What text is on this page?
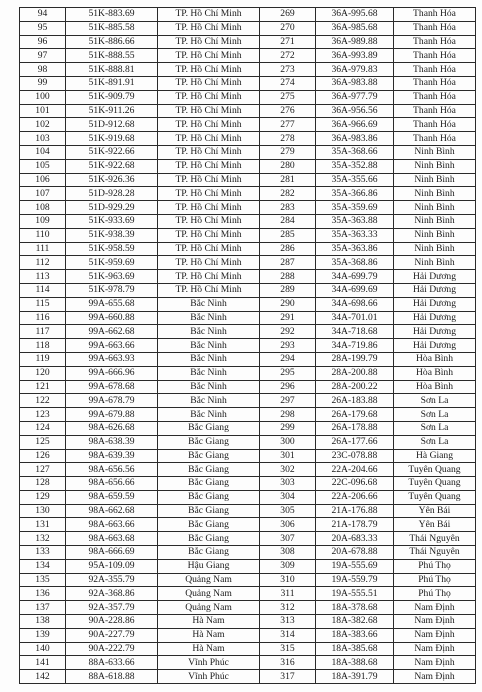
94	51K-883.69	TP. Hồ Chí Minh	269	36A-995.68	Thanh Hóa
95	51K-885.58	TP. Hồ Chí Minh	270	36A-985.68	Thanh Hóa
96	51K-886.66	TP. Hồ Chí Minh	271	36A-989.88	Thanh Hóa
97	51K-888.55	TP. Hồ Chí Minh	272	36A-993.89	Thanh Hóa
98	51K-888.81	TP. Hồ Chí Minh	273	36A-979.83	Thanh Hóa
99	51K-891.91	TP. Hồ Chí Minh	274	36A-983.88	Thanh Hóa
100	51K-909.79	TP. Hồ Chí Minh	275	36A-977.79	Thanh Hóa
101	51K-911.26	TP. Hồ Chí Minh	276	36A-956.56	Thanh Hóa
102	51D-912.68	TP. Hồ Chí Minh	277	36A-966.69	Thanh Hóa
103	51K-919.68	TP. Hồ Chí Minh	278	36A-983.86	Thanh Hóa
104	51K-922.66	TP. Hồ Chí Minh	279	35A-368.66	Ninh Bình
105	51K-922.68	TP. Hồ Chí Minh	280	35A-352.88	Ninh Bình
106	51K-926.36	TP. Hồ Chí Minh	281	35A-355.66	Ninh Bình
107	51D-928.28	TP. Hồ Chí Minh	282	35A-366.86	Ninh Bình
108	51D-929.29	TP. Hồ Chí Minh	283	35A-359.69	Ninh Bình
109	51K-933.69	TP. Hồ Chí Minh	284	35A-363.88	Ninh Bình
110	51K-938.39	TP. Hồ Chí Minh	285	35A-363.33	Ninh Bình
111	51K-958.59	TP. Hồ Chí Minh	286	35A-363.86	Ninh Bình
112	51K-959.69	TP. Hồ Chí Minh	287	35A-368.86	Ninh Bình
113	51K-963.69	TP. Hồ Chí Minh	288	34A-699.79	Hải Dương
114	51K-978.79	TP. Hồ Chí Minh	289	34A-699.69	Hải Dương
115	99A-655.68	Bắc Ninh	290	34A-698.66	Hải Dương
116	99A-660.88	Bắc Ninh	291	34A-701.01	Hải Dương
117	99A-662.68	Bắc Ninh	292	34A-718.68	Hải Dương
118	99A-663.66	Bắc Ninh	293	34A-719.86	Hải Dương
119	99A-663.93	Bắc Ninh	294	28A-199.79	Hòa Bình
120	99A-666.96	Bắc Ninh	295	28A-200.88	Hòa Bình
121	99A-678.68	Bắc Ninh	296	28A-200.22	Hòa Bình
122	99A-678.79	Bắc Ninh	297	26A-183.88	Sơn La
123	99A-679.88	Bắc Ninh	298	26A-179.68	Sơn La
124	98A-626.68	Bắc Giang	299	26A-178.88	Sơn La
125	98A-638.39	Bắc Giang	300	26A-177.66	Sơn La
126	98A-639.39	Bắc Giang	301	23C-078.88	Hà Giang
127	98A-656.56	Bắc Giang	302	22A-204.66	Tuyên Quang
128	98A-656.66	Bắc Giang	303	22C-096.68	Tuyên Quang
129	98A-659.59	Bắc Giang	304	22A-206.66	Tuyên Quang
130	98A-662.68	Bắc Giang	305	21A-176.88	Yên Bái
131	98A-663.66	Bắc Giang	306	21A-178.79	Yên Bái
132	98A-663.68	Bắc Giang	307	20A-683.33	Thái Nguyên
133	98A-666.69	Bắc Giang	308	20A-678.88	Thái Nguyên
134	95A-109.09	Hậu Giang	309	19A-555.69	Phú Thọ
135	92A-355.79	Quảng Nam	310	19A-559.79	Phú Thọ
136	92A-368.86	Quảng Nam	311	19A-555.51	Phú Thọ
137	92A-357.79	Quảng Nam	312	18A-378.68	Nam Định
138	90A-228.86	Hà Nam	313	18A-382.68	Nam Định
139	90A-227.79	Hà Nam	314	18A-383.66	Nam Định
140	90A-222.79	Hà Nam	315	18A-385.68	Nam Định
141	88A-633.66	Vĩnh Phúc	316	18A-388.68	Nam Định
142	88A-618.88	Vĩnh Phúc	317	18A-391.79	Nam Định
